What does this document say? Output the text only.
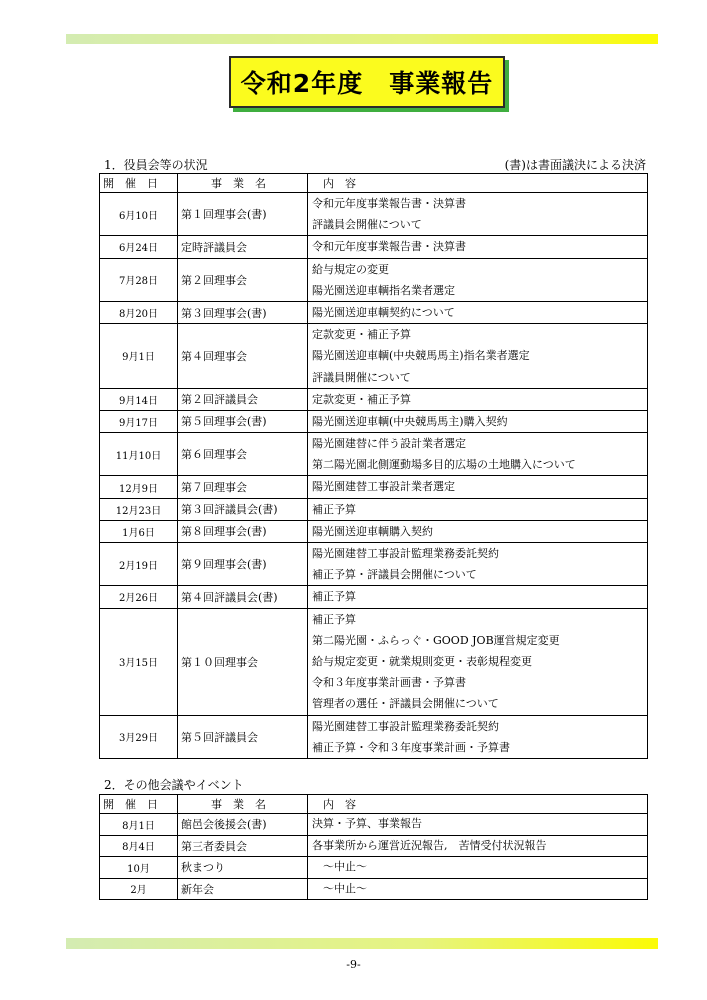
令和2年度　事業報告
1．役員会等の状況	(書)は書面議決による決済
開　催　日	事　業　名	内　容
6月10日	第１回理事会(書)	令和元年度事業報告書・決算書
評議員会開催について

6月24日	定時評議員会	令和元年度事業報告書・決算書

7月28日	第２回理事会	給与規定の変更
陽光園送迎車輌指名業者選定

8月20日	第３回理事会(書)	陽光園送迎車輌契約について

9月1日	第４回理事会	定款変更・補正予算
陽光園送迎車輌(中央競馬馬主)指名業者選定
評議員開催について

9月14日	第２回評議員会	定款変更・補正予算

9月17日	第５回理事会(書)	陽光園送迎車輌(中央競馬馬主)購入契約

11月10日	第６回理事会	陽光園建替に伴う設計業者選定
第二陽光園北側運動場多目的広場の土地購入について

12月9日	第７回理事会	陽光園建替工事設計業者選定

12月23日	第３回評議員会(書)	補正予算

1月6日	第８回理事会(書)	陽光園送迎車輌購入契約

2月19日	第９回理事会(書)	陽光園建替工事設計監理業務委託契約
補正予算・評議員会開催について

2月26日	第４回評議員会(書)	補正予算

3月15日	第１０回理事会	補正予算
第二陽光園・ふらっぐ・GOOD JOB運営規定変更
給与規定変更・就業規則変更・表彰規程変更
令和３年度事業計画書・予算書
管理者の選任・評議員会開催について

3月29日	第５回評議員会	陽光園建替工事設計監理業務委託契約
補正予算・令和３年度事業計画・予算書
2．その他会議やイベント
開　催　日	事　業　名	内　容
8月1日	館邑会後援会(書)	決算・予算、事業報告

8月4日	第三者委員会	各事業所から運営近況報告,　苦情受付状況報告

10月	秋まつり	　～中止～

2月	新年会	　～中止～
-9-
